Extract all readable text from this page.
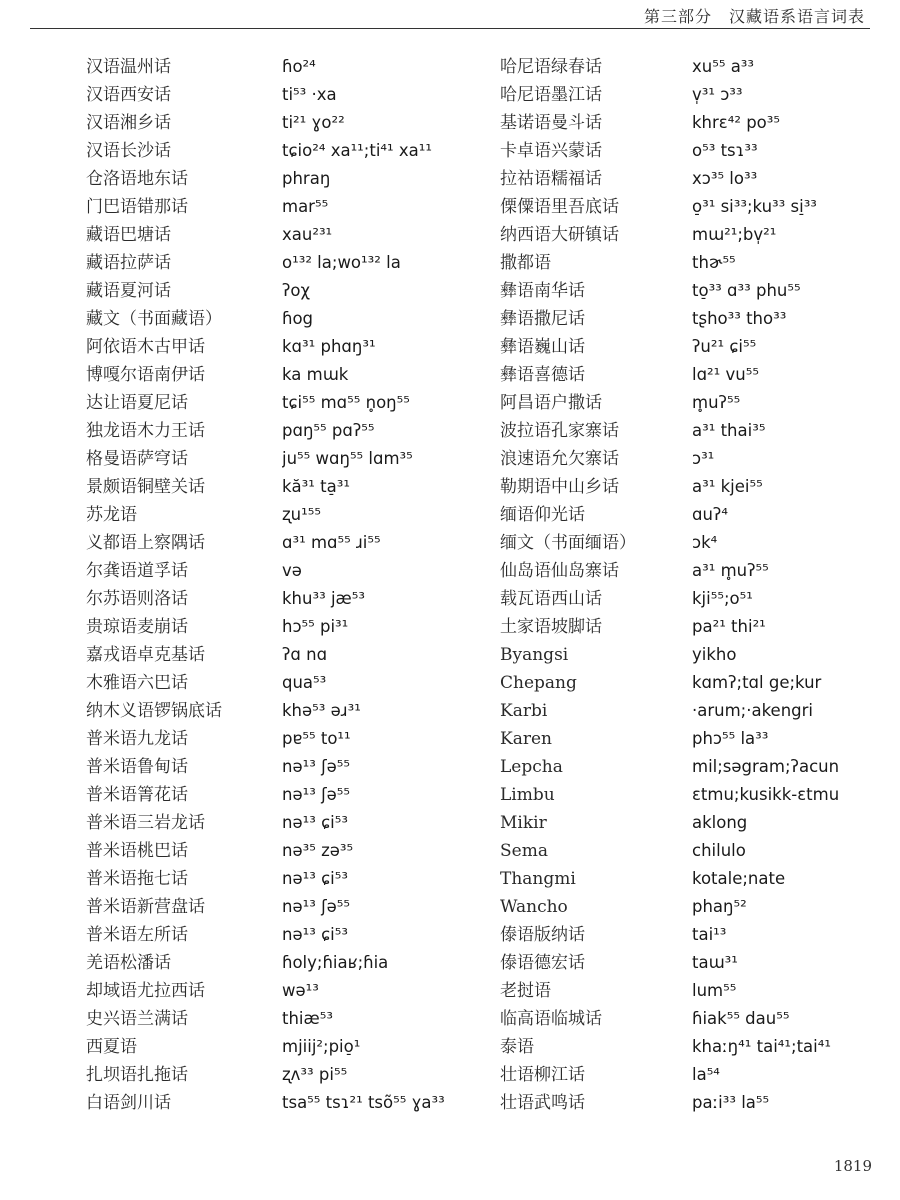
第三部分　汉藏语系语言词表
汉语温州话
汉语西安话
汉语湘乡话
汉语长沙话
仓洛语地东话
门巴语错那话
藏语巴塘话
藏语拉萨话
藏语夏河话
藏文（书面藏语）
阿依语木古甲话
博嘎尔语南伊话
达让语夏尼话
独龙语木力王话
格曼语萨穹话
景颇语铜壁关话
苏龙语
义都语上察隅话
尔龚语道孚话
尔苏语则洛话
贵琼语麦崩话
嘉戎语卓克基话
木雅语六巴话
纳木义语锣锅底话
普米语九龙话
普米语鲁甸话
普米语箐花话
普米语三岩龙话
普米语桃巴话
普米语拖七话
普米语新营盘话
普米语左所话
羌语松潘话
却域语尤拉西话
史兴语兰满话
西夏语
扎坝语扎拖话
白语剑川话
ɦo²⁴
ti⁵³ ·xa
ti²¹ ɣo²²
tɕio²⁴ xa¹¹;ti⁴¹ xa¹¹
phraŋ
mar⁵⁵
xau²³¹
o¹³² la;wo¹³² la
ʔoχ
ɦog
kɑ³¹ phɑŋ³¹
ka mɯk
tɕi⁵⁵ mɑ⁵⁵ n̥oŋ⁵⁵
pɑŋ⁵⁵ pɑʔ⁵⁵
ju⁵⁵ wɑŋ⁵⁵ lɑm³⁵
kă³¹ ta̠³¹
ʐu¹⁵⁵
ɑ³¹ mɑ⁵⁵ ɹi⁵⁵
və
khu³³ jæ⁵³
hɔ⁵⁵ pi³¹
ʔɑ nɑ
qua⁵³
khə⁵³ əɹ³¹
pɐ⁵⁵ to¹¹
nə¹³ ʃə⁵⁵
nə¹³ ʃə⁵⁵
nə¹³ ɕi⁵³
nə³⁵ zə³⁵
nə¹³ ɕi⁵³
nə¹³ ʃə⁵⁵
nə¹³ ɕi⁵³
ɦoly;ɦiaʁ;ɦia
wə¹³
thiæ⁵³
mjiij²;pio̠¹
ʐʌ³³ pi⁵⁵
tsa⁵⁵ tsɿ²¹ tsõ⁵⁵ ɣa³³
哈尼语绿春话
哈尼语墨江话
基诺语曼斗话
卡卓语兴蒙话
拉祜语糯福话
傈僳语里吾底话
纳西语大研镇话
撒都语
彝语南华话
彝语撒尼话
彝语巍山话
彝语喜德话
阿昌语户撒话
波拉语孔家寨话
浪速语允欠寨话
勒期语中山乡话
缅语仰光话
缅文（书面缅语）
仙岛语仙岛寨话
载瓦语西山话
土家语坡脚话
Byangsi
Chepang
Karbi
Karen
Lepcha
Limbu
Mikir
Sema
Thangmi
Wancho
傣语版纳话
傣语德宏话
老挝语
临高语临城话
泰语
壮语柳江话
壮语武鸣话
xu⁵⁵ a³³
v̩³¹ ɔ³³
khrɛ⁴² po³⁵
o⁵³ tsɿ³³
xɔ³⁵ lo³³
o̠³¹ si³³;ku³³ si̠³³
mɯ²¹;bv̩²¹
thɚ⁵⁵
to̠³³ ɑ³³ phu⁵⁵
tʂho³³ tho³³
ʔu²¹ ɕi⁵⁵
lɑ²¹ vu⁵⁵
m̥uʔ⁵⁵
a³¹ thai³⁵
ɔ³¹
a³¹ kjei⁵⁵
ɑuʔ⁴
ɔk⁴
a³¹ m̥uʔ⁵⁵
kji⁵⁵;o⁵¹
pa²¹ thi²¹
yikho
kɑmʔ;tɑl ge;kur
·arum;·akengri
phɔ⁵⁵ la³³
mil;səgram;ʔacun
ɛtmu;kusikk-ɛtmu
aklong
chilulo
kotale;nate
phaŋ⁵²
tai¹³
taɯ³¹
lum⁵⁵
ɦiak⁵⁵ dau⁵⁵
khaːŋ⁴¹ tai⁴¹;tai⁴¹
la⁵⁴
paːi³³ la⁵⁵
1819
